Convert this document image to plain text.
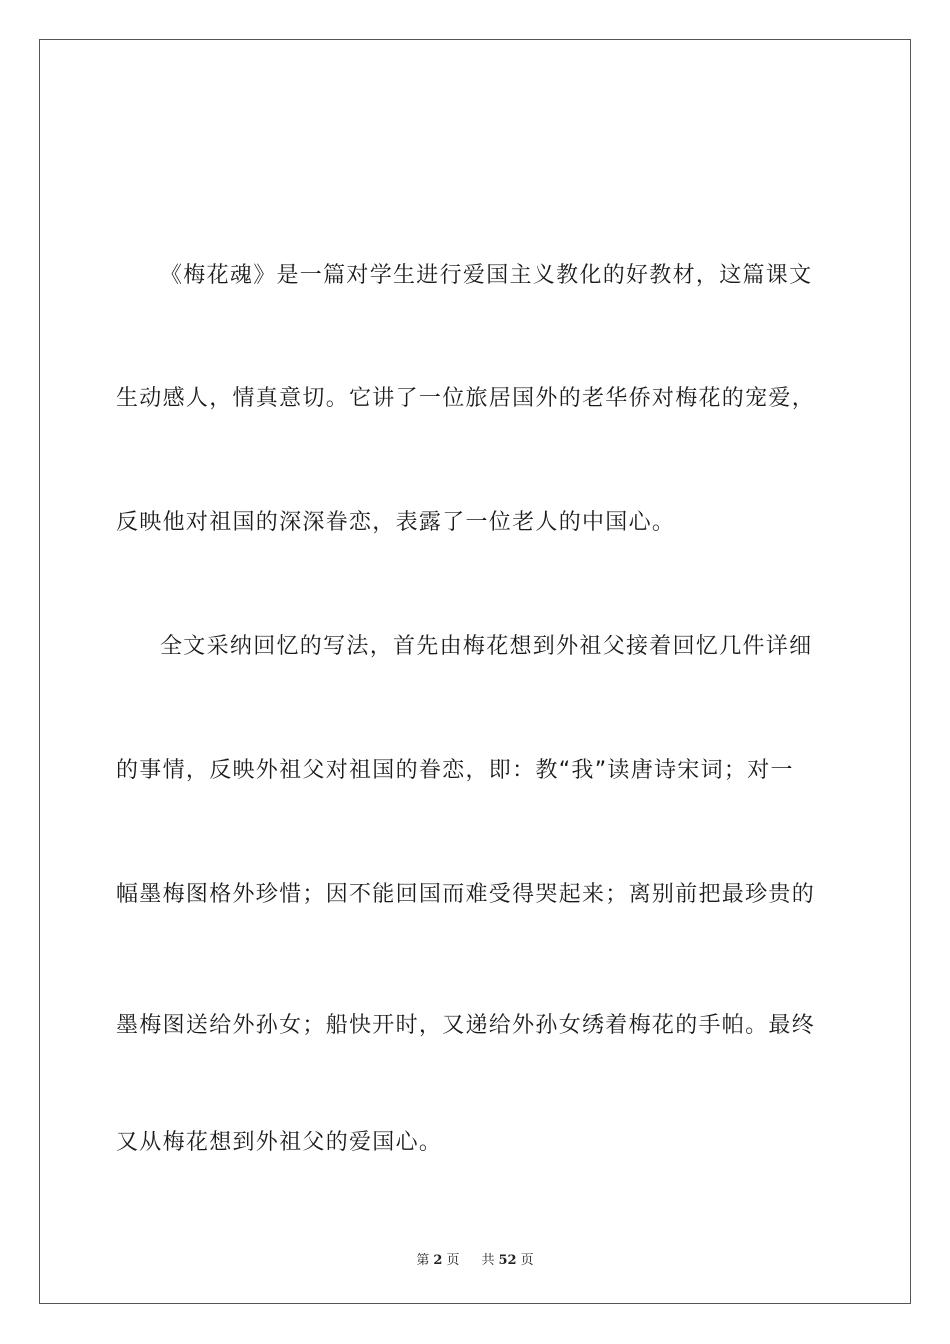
《梅花魂》是一篇对学生进行爱国主义教化的好教材，这篇课文
生动感人，情真意切。它讲了一位旅居国外的老华侨对梅花的宠爱，
反映他对祖国的深深眷恋，表露了一位老人的中国心。
全文采纳回忆的写法，首先由梅花想到外祖父接着回忆几件详细
的事情，反映外祖父对祖国的眷恋，即：教“我”读唐诗宋词；对一
幅墨梅图格外珍惜；因不能回国而难受得哭起来；离别前把最珍贵的
墨梅图送给外孙女；船快开时，又递给外孙女绣着梅花的手帕。最终
又从梅花想到外祖父的爱国心。
第 2 页 共 52 页
